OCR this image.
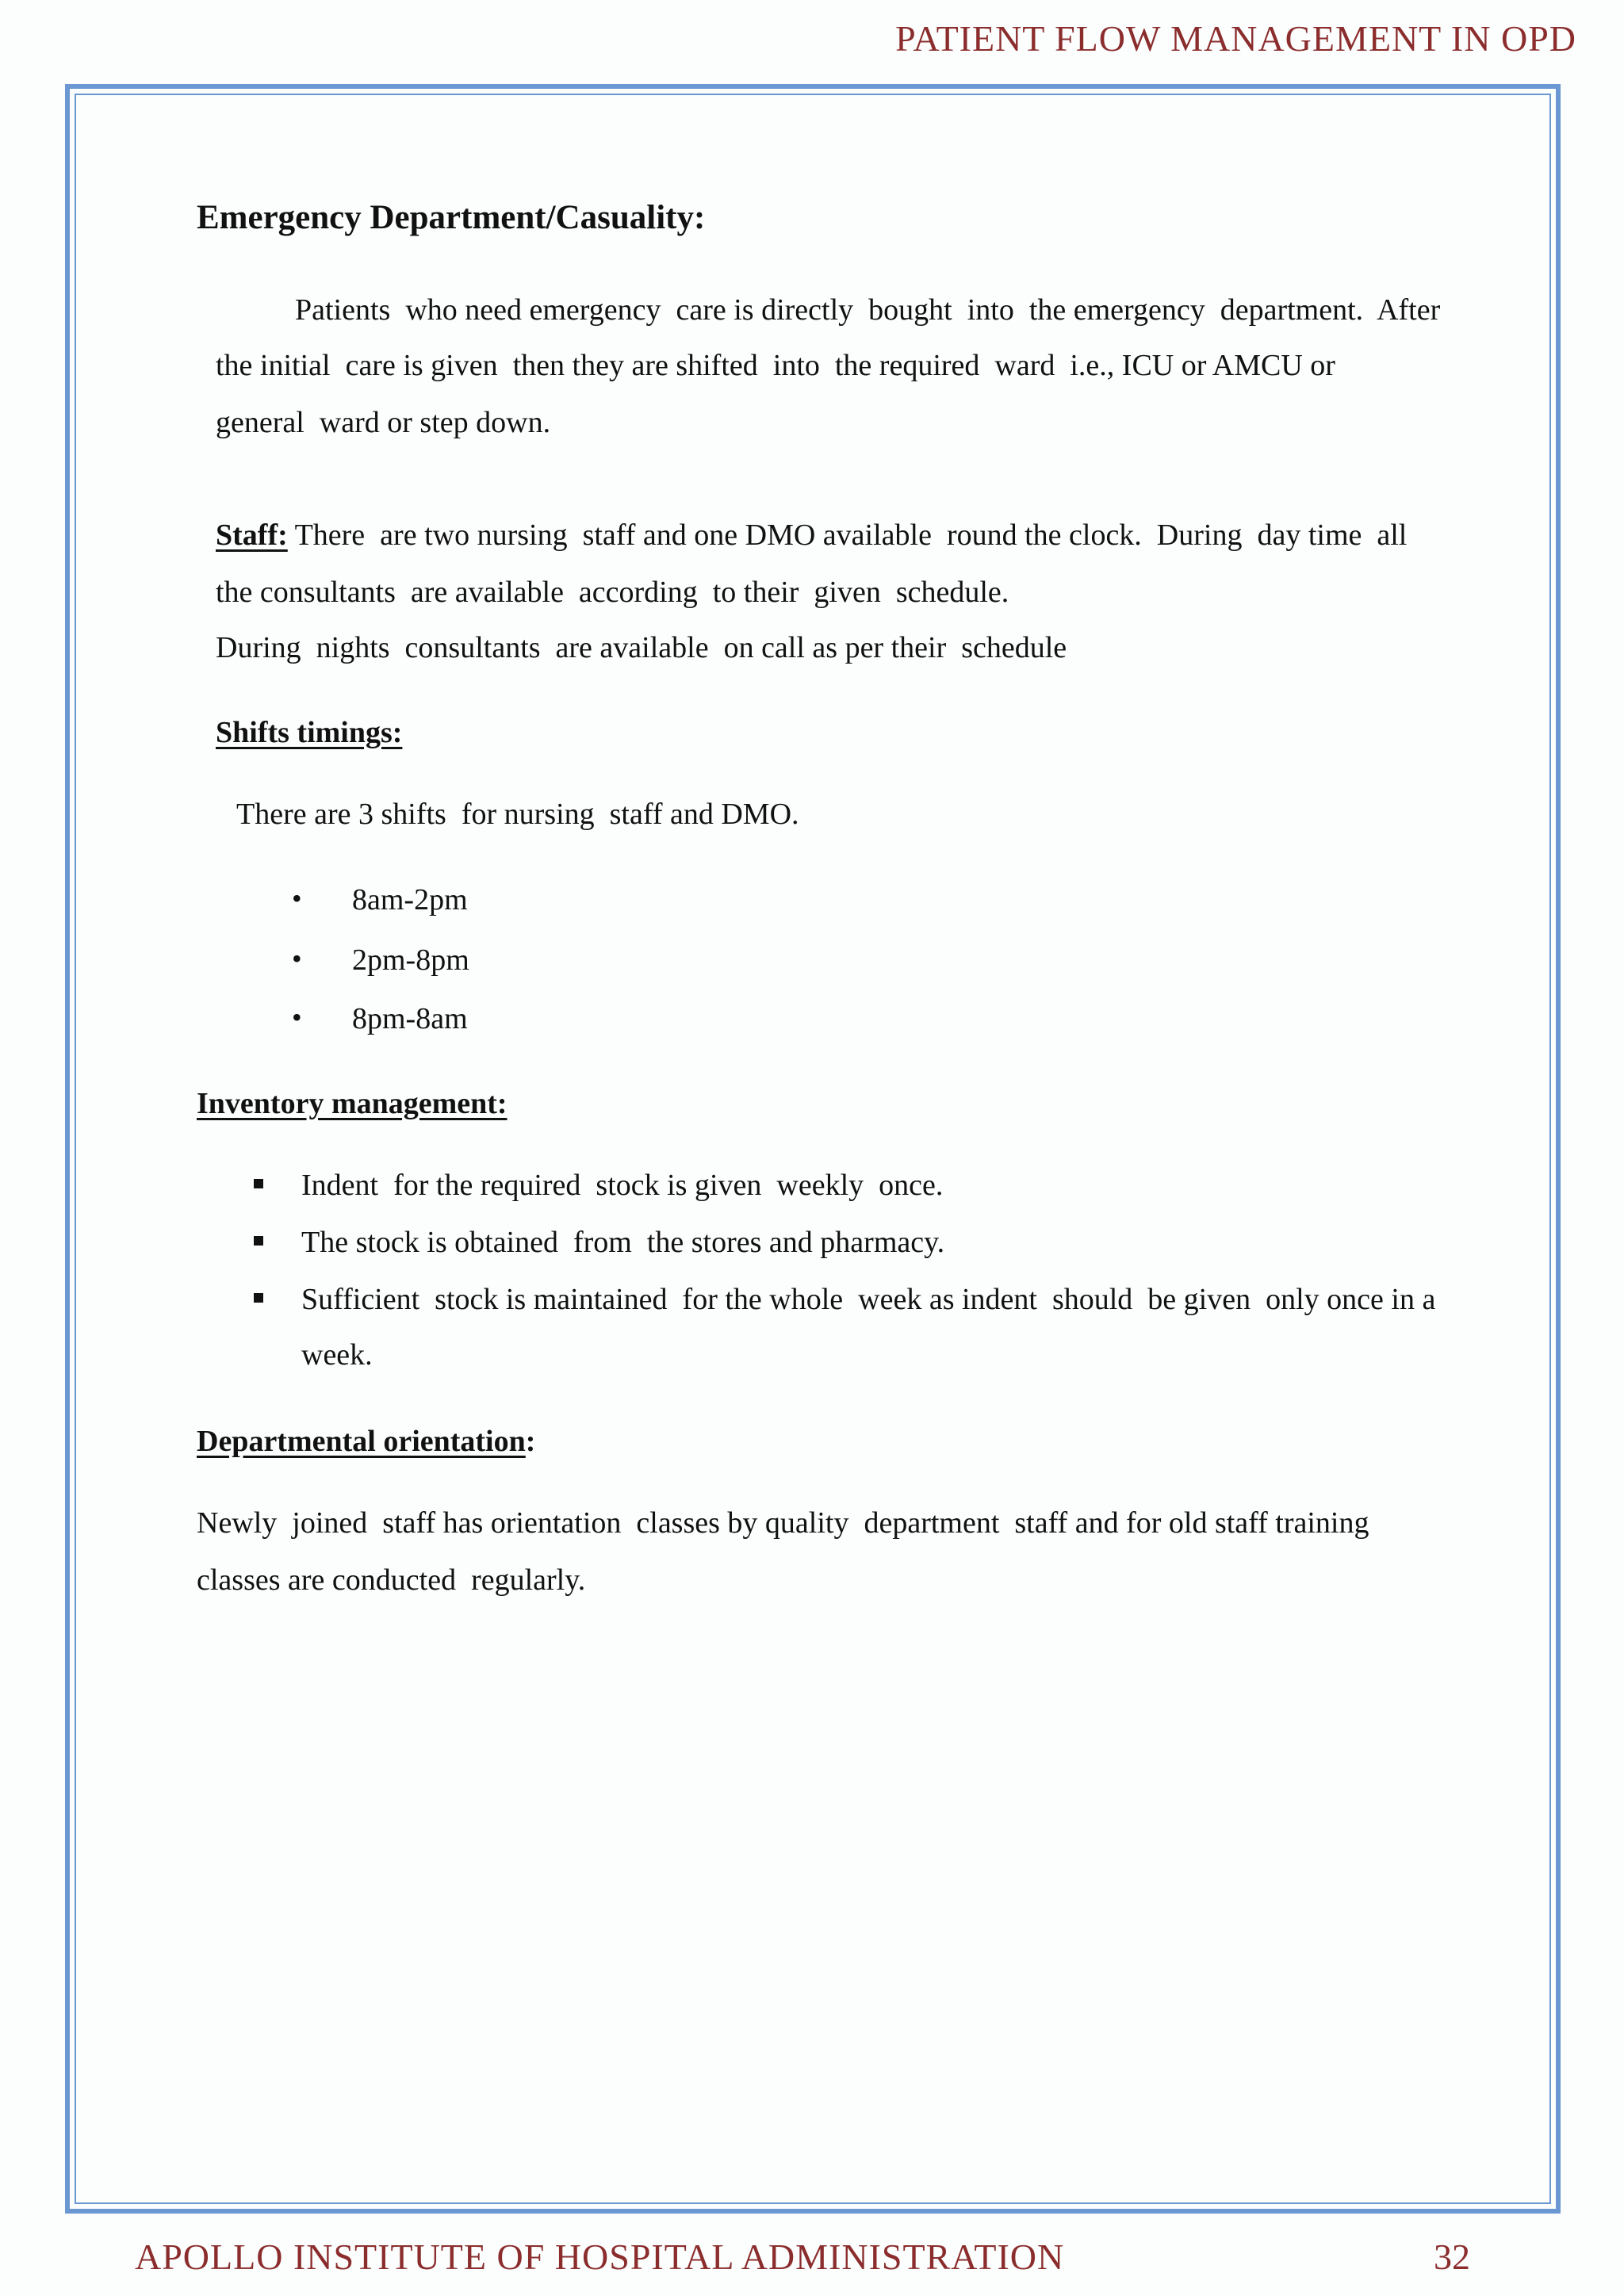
PATIENT FLOW MANAGEMENT IN OPD
Emergency Department/Casuality:
Patients  who need emergency  care is directly  bought  into  the emergency  department.  After
the initial  care is given  then they are shifted  into  the required  ward  i.e., ICU or AMCU or
general  ward or step down.
Staff: There  are two nursing  staff and one DMO available  round the clock.  During  day time  all
the consultants  are available  according  to their  given  schedule.
During  nights  consultants  are available  on call as per their  schedule
Shifts timings:
There are 3 shifts  for nursing  staff and DMO.
• 8am-2pm
• 2pm-8pm
• 8pm-8am
Inventory management:
Indent  for the required  stock is given  weekly  once.
The stock is obtained  from  the stores and pharmacy.
Sufficient  stock is maintained  for the whole  week as indent  should  be given  only once in a
week.
Departmental orientation:
Newly  joined  staff has orientation  classes by quality  department  staff and for old staff training
classes are conducted  regularly.
APOLLO INSTITUTE OF HOSPITAL ADMINISTRATION	32
